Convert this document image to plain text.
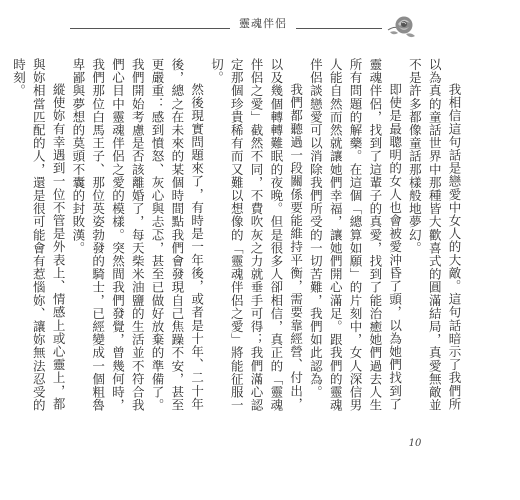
靈魂伴侶

我相信這句話是戀愛中女人的大敵。這句話暗示了我們所以為真的童話世界中那種皆大歡喜式的圓滿結局，真愛無敵並不是許多都像童話那樣般地夢幻。

即使是最聰明的女人也會被愛沖昏了頭，以為她們找到了靈魂伴侶，找到了這輩子的真愛，找到了能治癒她們過去人生所有問題的解藥。在這個「總算如願」的片刻中，女人深信男人能自然而然就讓她們幸福，讓她們開心滿足。跟我們的靈魂伴侶談戀愛可以消除我們所受的一切苦難，我們如此認為。

我們都聽過一段關係要能維持平衡，需要靠經營、付出，以及幾個轉轉難眠的夜晚。但是很多人卻相信，真正的「靈魂伴侶之愛」截然不同，不費吹灰之力就垂手可得；我們滿心認定那個珍貴稀有而又難以想像的「靈魂伴侶之愛」將能征服一切。

然後現實問題來了，有時是一年後，或者是十年、二十年後，總之在未來的某個時間點我們會發現自己焦躁不安，甚至更嚴重：感到憤怒、灰心與忐忑，甚至已做好放棄的準備了。我們開始考慮是否該離婚了，每天柴米油鹽的生活並不符合我們心目中靈魂伴侶之愛的模樣。突然間我們發覺，曾幾何時，我們那位白馬王子、那位英姿勃發的騎士，已經變成一個粗魯卑鄙與夢想的莫頭不囊的封敗漢。

縱使妳有幸遇到一位不管是外表上、情感上或心靈上，都與妳相當匹配的人，還是很可能會有惹惱妳、讓妳無法忍受的時刻。

10
